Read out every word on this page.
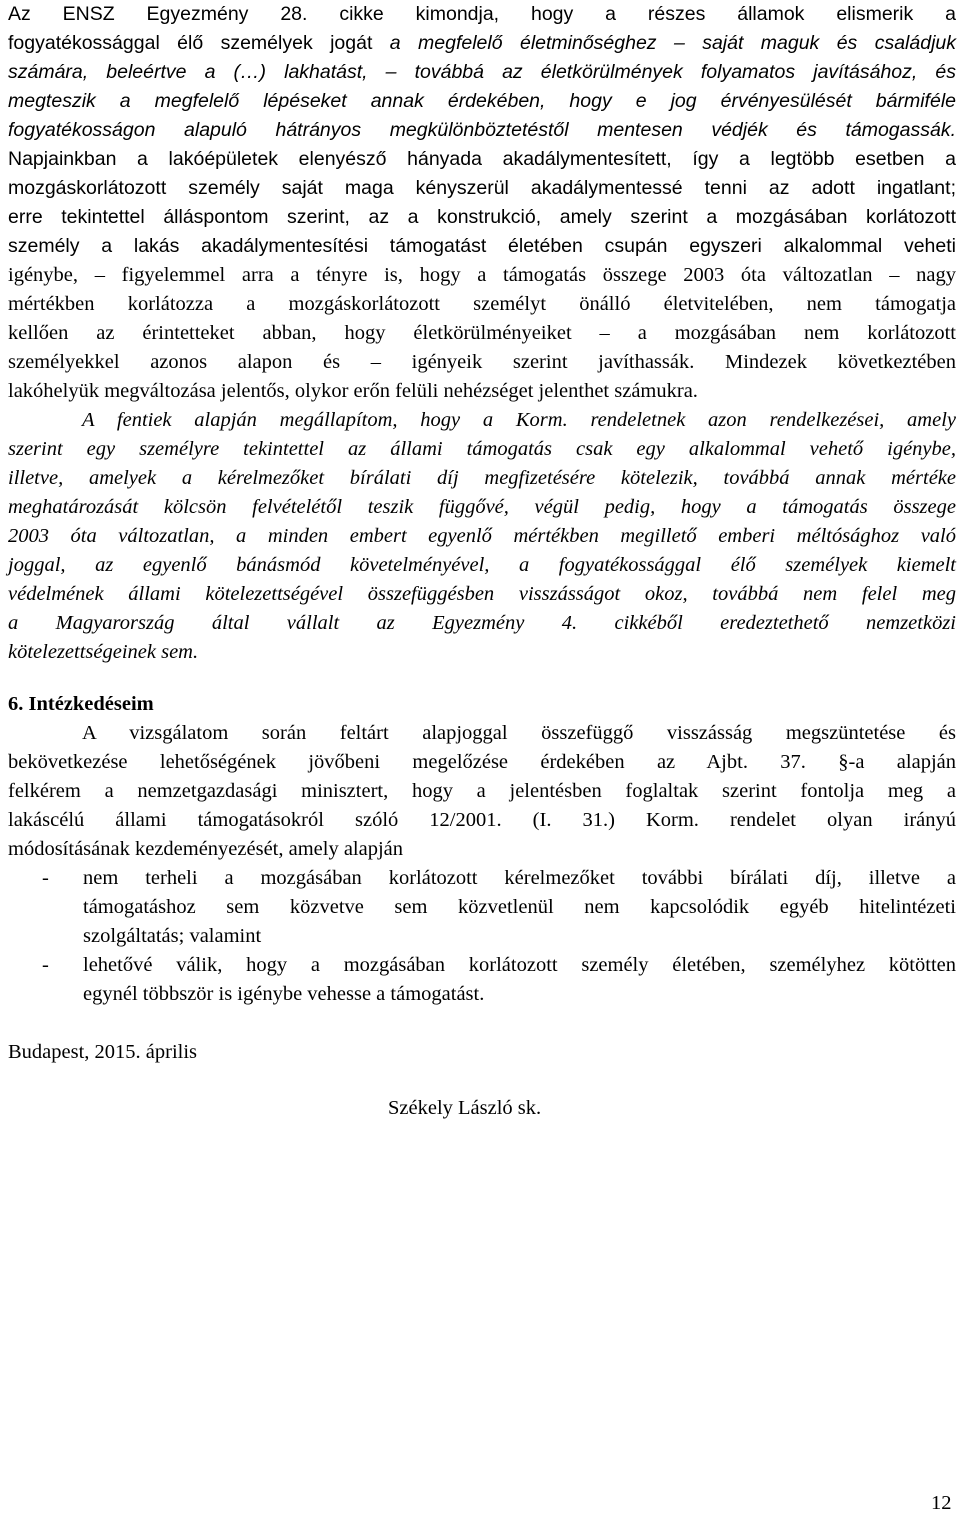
Az ENSZ Egyezmény 28. cikke kimondja, hogy a részes államok elismerik a
fogyatékossággal élő személyek jogát a megfelelő életminőséghez – saját maguk és családjuk
számára, beleértve a (…) lakhatást, – továbbá az életkörülmények folyamatos javításához, és
megteszik a megfelelő lépéseket annak érdekében, hogy e jog érvényesülését bármiféle
fogyatékosságon alapuló hátrányos megkülönböztetéstől mentesen védjék és támogassák.
Napjainkban a lakóépületek elenyésző hányada akadálymentesített, így a legtöbb esetben a
mozgáskorlátozott személy saját maga kényszerül akadálymentessé tenni az adott ingatlant;
erre tekintettel álláspontom szerint, az a konstrukció, amely szerint a mozgásában korlátozott
személy a lakás akadálymentesítési támogatást életében csupán egyszeri alkalommal veheti
igénybe, – figyelemmel arra a tényre is, hogy a támogatás összege 2003 óta változatlan – nagy
mértékben korlátozza a mozgáskorlátozott személyt önálló életvitelében, nem támogatja
kellően az érintetteket abban, hogy életkörülményeiket – a mozgásában nem korlátozott
személyekkel azonos alapon és – igényeik szerint javíthassák. Mindezek következtében
lakóhelyük megváltozása jelentős, olykor erőn felüli nehézséget jelenthet számukra.
A fentiek alapján megállapítom, hogy a Korm. rendeletnek azon rendelkezései, amely
szerint egy személyre tekintettel az állami támogatás csak egy alkalommal vehető igénybe,
illetve, amelyek a kérelmezőket bírálati díj megfizetésére kötelezik, továbbá annak mértéke
meghatározását kölcsön felvételétől teszik függővé, végül pedig, hogy a támogatás összege
2003 óta változatlan, a minden embert egyenlő mértékben megillető emberi méltósághoz való
joggal, az egyenlő bánásmód követelményével, a fogyatékossággal élő személyek kiemelt
védelmének állami kötelezettségével összefüggésben visszásságot okoz, továbbá nem felel meg
a Magyarország által vállalt az Egyezmény 4. cikkéből eredeztethető nemzetközi
kötelezettségeinek sem.
6. Intézkedéseim
A vizsgálatom során feltárt alapjoggal összefüggő visszásság megszüntetése és
bekövetkezése lehetőségének jövőbeni megelőzése érdekében az Ajbt. 37. §-a alapján
felkérem a nemzetgazdasági minisztert, hogy a jelentésben foglaltak szerint fontolja meg a
lakáscélú állami támogatásokról szóló 12/2001. (I. 31.) Korm. rendelet olyan irányú
módosításának kezdeményezését, amely alapján
- nem terheli a mozgásában korlátozott kérelmezőket további bírálati díj, illetve a
támogatáshoz sem közvetve sem közvetlenül nem kapcsolódik egyéb hitelintézeti
szolgáltatás; valamint
- lehetővé válik, hogy a mozgásában korlátozott személy életében, személyhez kötötten
egynél többször is igénybe vehesse a támogatást.
Budapest, 2015. április
Székely László sk.
12
